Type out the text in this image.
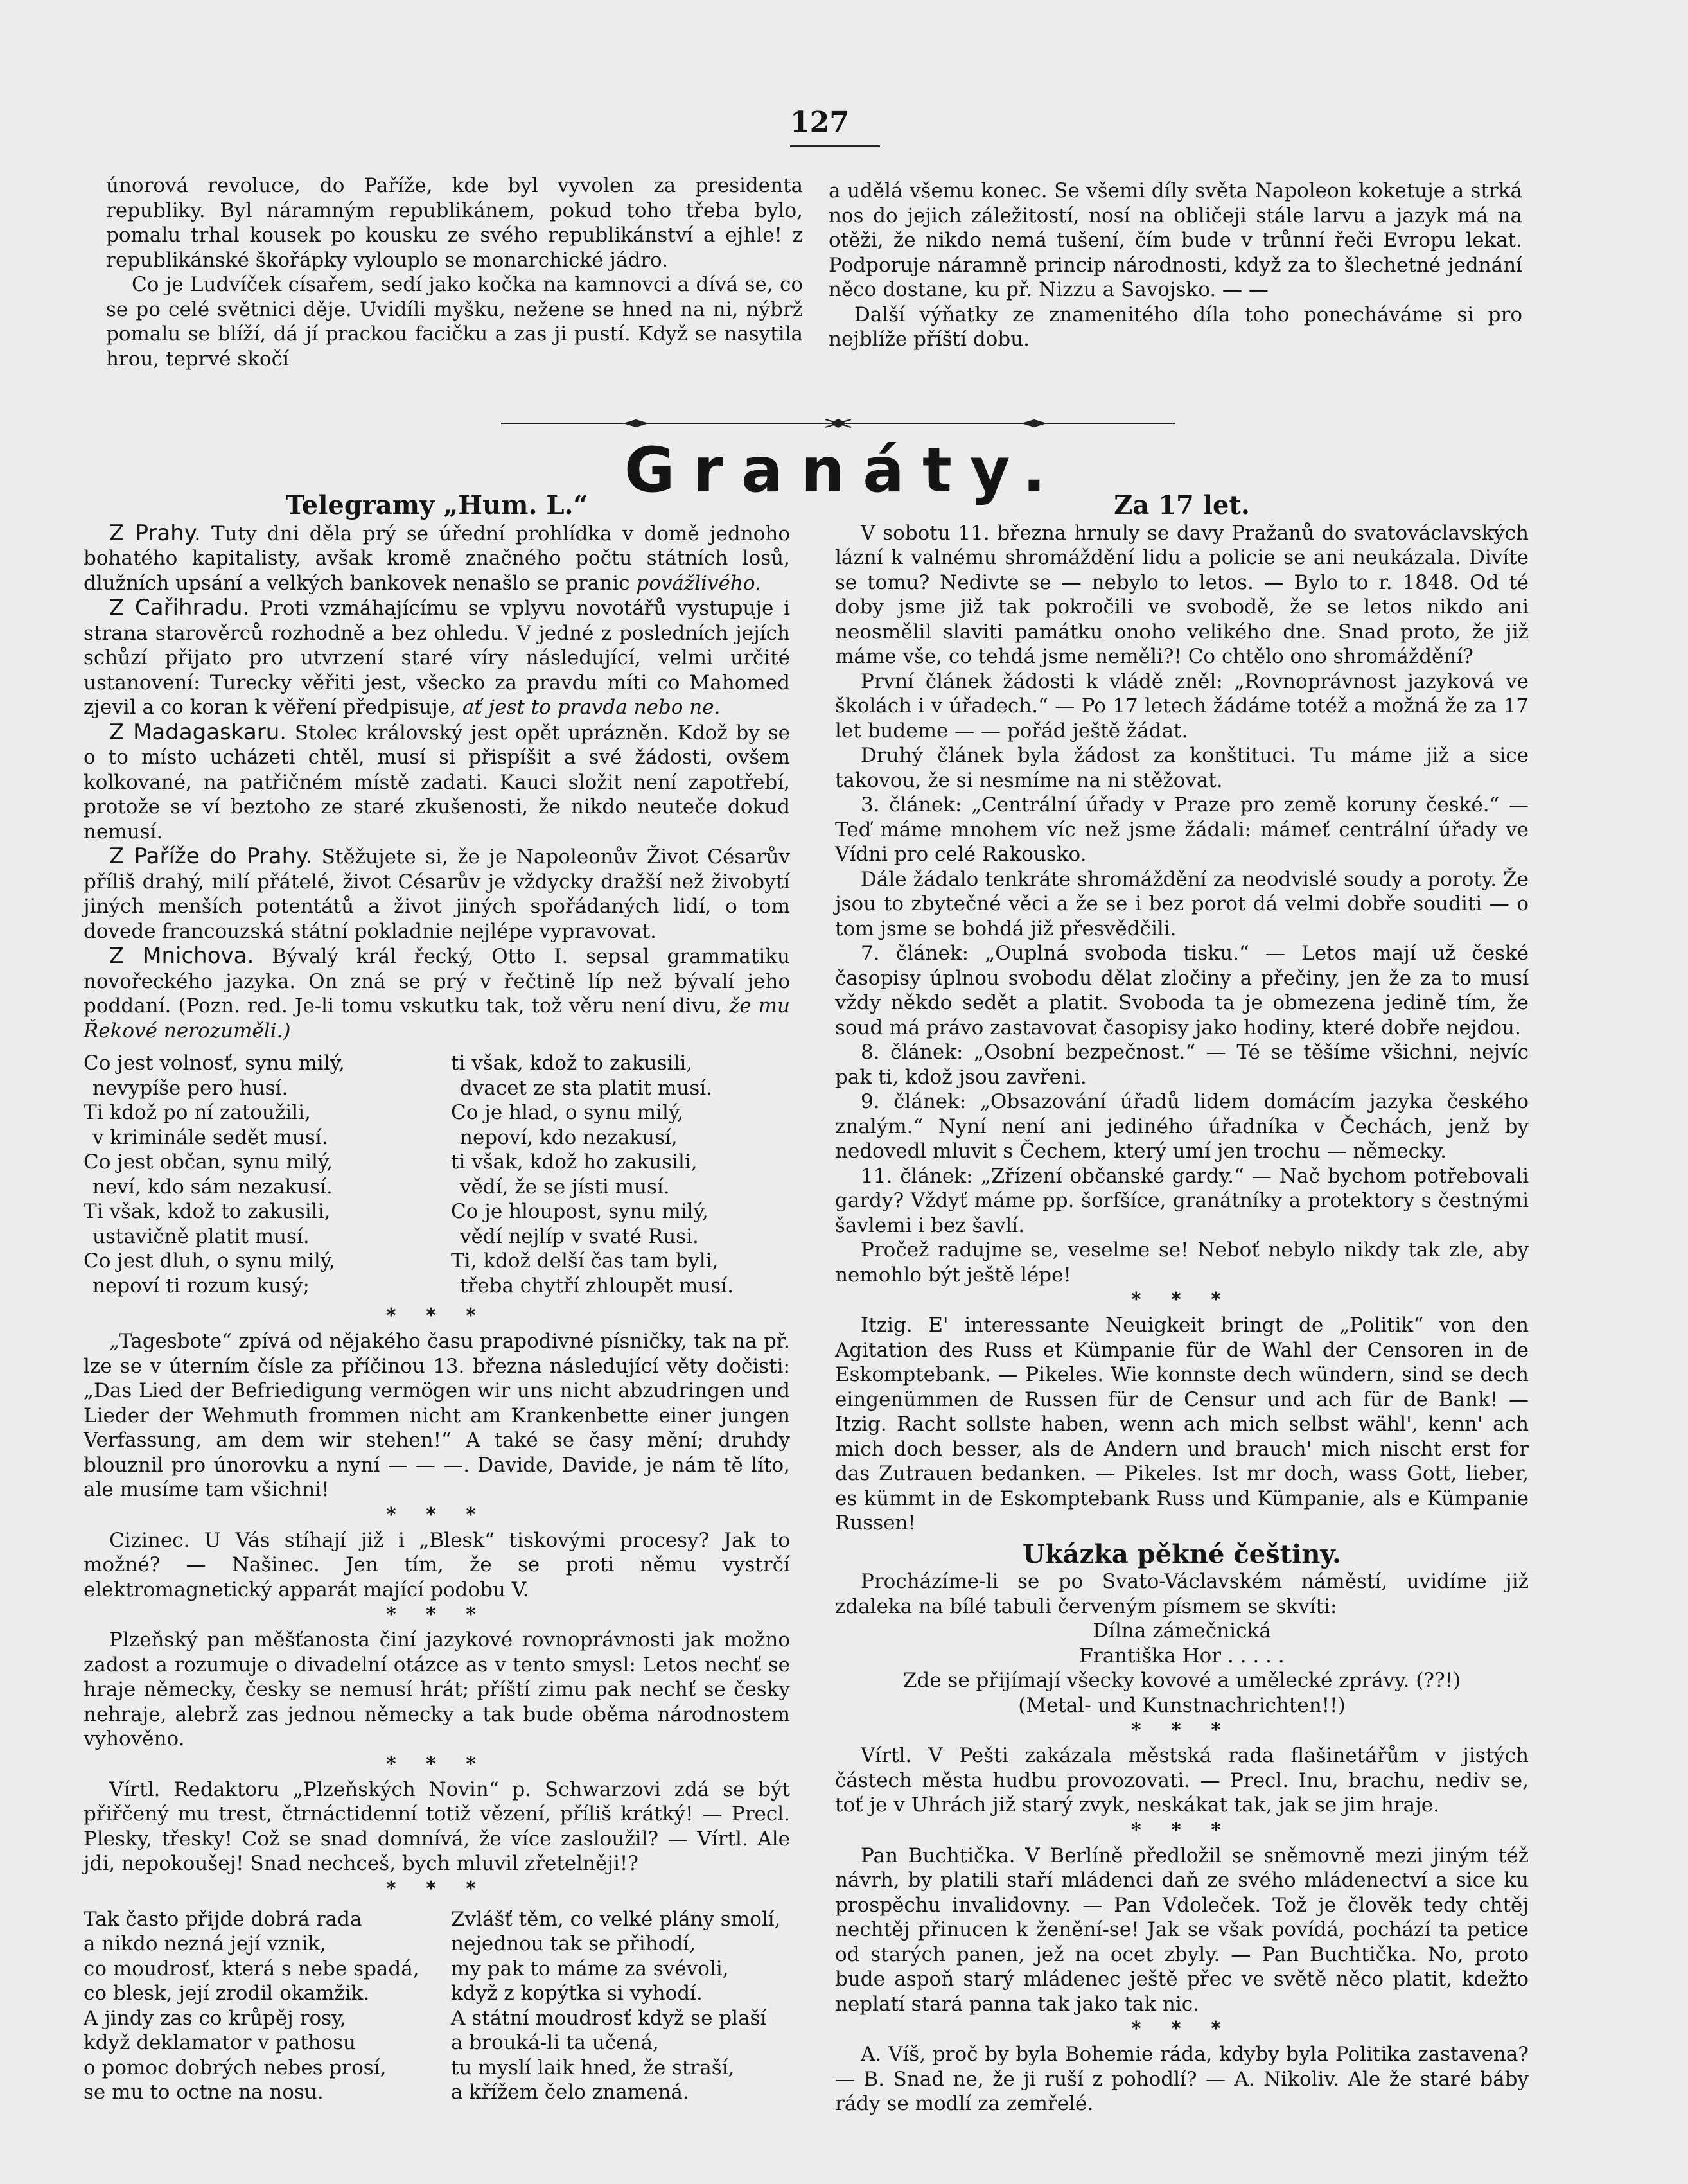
127

únorová revoluce, do Paříže, kde byl vyvolen za presidenta republiky. Byl náramným republikánem, pokud toho třeba bylo, pomalu trhal kousek po kousku ze svého republikánství a ejhle! z republikánské škořápky vylouplo se monarchické jádro.

Co je Ludvíček císařem, sedí jako kočka na kamnovci a dívá se, co se po celé světnici děje. Uvidíli myšku, nežene se hned na ni, nýbrž pomalu se blíží, dá jí prackou facičku a zas ji pustí. Když se nasytila hrou, teprvé skočí

a udělá všemu konec. Se všemi díly světa Napoleon koketuje a strká nos do jejich záležitostí, nosí na obličeji stále larvu a jazyk má na otěži, že nikdo nemá tušení, čím bude v trůnní řeči Evropu lekat. Podporuje náramně princip národnosti, když za to šlechetné jednání něco dostane, ku př. Nizzu a Savojsko. — —

Další výňatky ze znamenitého díla toho ponecháváme si pro nejblíže příští dobu.

Granáty.
Telegramy „Hum. L.“

Z Prahy. Tuty dni děla prý se úřední prohlídka v domě jednoho bohatého kapitalisty, avšak kromě značného počtu státních losů, dlužních upsání a velkých bankovek nenašlo se pranic povážlivého.

Z Cařihradu. Proti vzmáhajícímu se vplyvu novotářů vystupuje i strana starověrců rozhodně a bez ohledu. V jedné z posledních jejích schůzí přijato pro utvrzení staré víry následující, velmi určité ustanovení: Turecky věřiti jest, všecko za pravdu míti co Mahomed zjevil a co koran k věření předpisuje, ať jest to pravda nebo ne.

Z Madagaskaru. Stolec královský jest opět uprázněn. Kdož by se o to místo ucházeti chtěl, musí si přispíšit a své žádosti, ovšem kolkované, na patřičném místě zadati. Kauci složit není zapotřebí, protože se ví beztoho ze staré zkušenosti, že nikdo neuteče dokud nemusí.

Z Paříže do Prahy. Stěžujete si, že je Napoleonův Život Césarův příliš drahý, milí přátelé, život Césarův je vždycky dražší než živobytí jiných menších potentátů a život jiných spořádaných lidí, o tom dovede francouzská státní pokladnie nejlépe vypravovat.

Z Mnichova. Bývalý král řecký, Otto I. sepsal grammatiku novořeckého jazyka. On zná se prý v řečtině líp než bývalí jeho poddaní. (Pozn. red. Je-li tomu vskutku tak, tož věru není divu, že mu Řekové nerozuměli.)

Co jest volnosť, synu milý,

nevypíše pero husí.

Ti kdož po ní zatoužili,

v kriminále sedět musí.

Co jest občan, synu milý,

neví, kdo sám nezakusí.

Ti však, kdož to zakusili,

ustavičně platit musí.

Co jest dluh, o synu milý,

nepoví ti rozum kusý;

ti však, kdož to zakusili,

dvacet ze sta platit musí.

Co je hlad, o synu milý,

nepoví, kdo nezakusí,

ti však, kdož ho zakusili,

vědí, že se jísti musí.

Co je hloupost, synu milý,

vědí nejlíp v svaté Rusi.

Ti, kdož delší čas tam byli,

třeba chytří zhloupět musí.

* * *

„Tagesbote“ zpívá od nějakého času prapodivné písničky, tak na př. lze se v úterním čísle za příčinou 13. března následující věty dočisti: „Das Lied der Befriedigung vermögen wir uns nicht abzudringen und Lieder der Wehmuth frommen nicht am Krankenbette einer jungen Verfassung, am dem wir stehen!“ A také se časy mění; druhdy blouznil pro únorovku a nyní — — —. Davide, Davide, je nám tě líto, ale musíme tam všichni!

* * *

Cizinec. U Vás stíhají již i „Blesk“ tiskovými procesy? Jak to možné? — Našinec. Jen tím, že se proti němu vystrčí elektromagnetický apparát mající podobu V.

* * *

Plzeňský pan měšťanosta činí jazykové rovnoprávnosti jak možno zadost a rozumuje o divadelní otázce as v tento smysl: Letos nechť se hraje německy, česky se nemusí hrát; příští zimu pak nechť se česky nehraje, alebrž zas jednou německy a tak bude oběma národnostem vyhověno.

* * *

Vírtl. Redaktoru „Plzeňských Novin“ p. Schwarzovi zdá se být přiřčený mu trest, čtrnáctidenní totiž vězení, příliš krátký! — Precl. Plesky, třesky! Což se snad domnívá, že více zasloužil? — Vírtl. Ale jdi, nepokoušej! Snad nechceš, bych mluvil zřetelněji!?

* * *

Tak často přijde dobrá rada

a nikdo nezná její vznik,

co moudrosť, která s nebe spadá,

co blesk, její zrodil okamžik.

A jindy zas co krůpěj rosy,

když deklamator v pathosu

o pomoc dobrých nebes prosí,

se mu to octne na nosu.

Zvlášť těm, co velké plány smolí,

nejednou tak se přihodí,

my pak to máme za svévoli,

když z kopýtka si vyhodí.

A státní moudrosť když se plaší

a brouká-li ta učená,

tu myslí laik hned, že straší,

a křížem čelo znamená.

Za 17 let.

V sobotu 11. března hrnuly se davy Pražanů do svatováclavských lázní k valnému shromáždění lidu a policie se ani neukázala. Divíte se tomu? Nedivte se — nebylo to letos. — Bylo to r. 1848. Od té doby jsme již tak pokročili ve svobodě, že se letos nikdo ani neosmělil slaviti památku onoho velikého dne. Snad proto, že již máme vše, co tehdá jsme neměli?! Co chtělo ono shromáždění?

První článek žádosti k vládě zněl: „Rovnoprávnost jazyková ve školách i v úřadech.“ — Po 17 letech žádáme totéž a možná že za 17 let budeme — — pořád ještě žádat.

Druhý článek byla žádost za konštituci. Tu máme již a sice takovou, že si nesmíme na ni stěžovat.

3. článek: „Centrální úřady v Praze pro země koruny české.“ — Teď máme mnohem víc než jsme žádali: mámeť centrální úřady ve Vídni pro celé Rakousko.

Dále žádalo tenkráte shromáždění za neodvislé soudy a poroty. Že jsou to zbytečné věci a že se i bez porot dá velmi dobře souditi — o tom jsme se bohdá již přesvědčili.

7. článek: „Ouplná svoboda tisku.“ — Letos mají už české časopisy úplnou svobodu dělat zločiny a přečiny, jen že za to musí vždy někdo sedět a platit. Svoboda ta je obmezena jedině tím, že soud má právo zastavovat časopisy jako hodiny, které dobře nejdou.

8. článek: „Osobní bezpečnost.“ — Té se těšíme všichni, nejvíc pak ti, kdož jsou zavřeni.

9. článek: „Obsazování úřadů lidem domácím jazyka českého znalým.“ Nyní není ani jediného úřadníka v Čechách, jenž by nedovedl mluvit s Čechem, který umí jen trochu — německy.

11. článek: „Zřízení občanské gardy.“ — Nač bychom potřebovali gardy? Vždyť máme pp. šorfšíce, granátníky a protektory s čestnými šavlemi i bez šavlí.

Pročež radujme se, veselme se! Neboť nebylo nikdy tak zle, aby nemohlo být ještě lépe!

* * *

Itzig. E' interessante Neuigkeit bringt de „Politik“ von den Agitation des Russ et Kümpanie für de Wahl der Censoren in de Eskomptebank. — Pikeles. Wie konnste dech wündern, sind se dech eingenümmen de Russen für de Censur und ach für de Bank! — Itzig. Racht sollste haben, wenn ach mich selbst wähl', kenn' ach mich doch besser, als de Andern und brauch' mich nischt erst for das Zutrauen bedanken. — Pikeles. Ist mr doch, wass Gott, lieber, es kümmt in de Eskomptebank Russ und Kümpanie, als e Kümpanie Russen!

Ukázka pěkné češtiny.

Procházíme-li se po Svato-Václavském náměstí, uvidíme již zdaleka na bílé tabuli červeným písmem se skvíti:

Dílna zámečnická

Františka Hor . . . . .

Zde se přijímají všecky kovové a umělecké zprávy. (??!)

(Metal- und Kunstnachrichten!!)

* * *

Vírtl. V Pešti zakázala městská rada flašinetářům v jistých částech města hudbu provozovati. — Precl. Inu, brachu, nediv se, toť je v Uhrách již starý zvyk, neskákat tak, jak se jim hraje.

* * *

Pan Buchtička. V Berlíně předložil se sněmovně mezi jiným též návrh, by platili staří mládenci daň ze svého mládenectví a sice ku prospěchu invalidovny. — Pan Vdoleček. Tož je člověk tedy chtěj nechtěj přinucen k ženění-se! Jak se však povídá, pochází ta petice od starých panen, jež na ocet zbyly. — Pan Buchtička. No, proto bude aspoň starý mládenec ještě přec ve světě něco platit, kdežto neplatí stará panna tak jako tak nic.

* * *

A. Víš, proč by byla Bohemie ráda, kdyby byla Politika zastavena? — B. Snad ne, že ji ruší z pohodlí? — A. Nikoliv. Ale že staré báby rády se modlí za zemřelé.
